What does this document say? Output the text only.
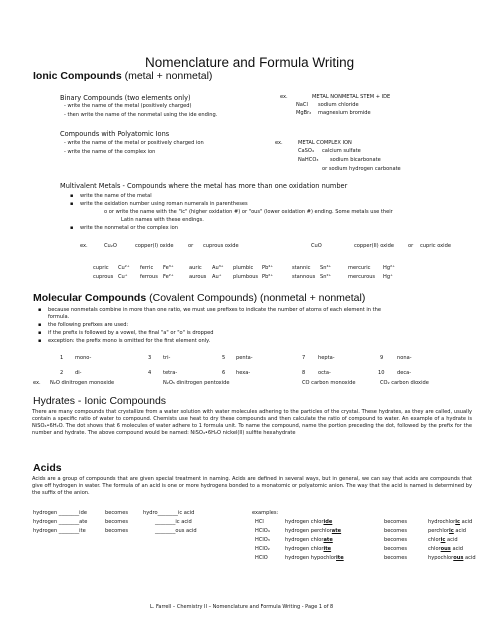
Nomenclature and Formula Writing
Ionic Compounds (metal + nonmetal)
Binary Compounds (two elements only)
- write the name of the metal (positively charged)
- then write the name of the nonmetal using the ide ending.
ex.	METAL NONMETAL STEM + IDE
NaCl sodium chloride
MgBr₂ magnesium bromide
Compounds with Polyatomic Ions
- write the name of the metal or positively charged ion
- write the name of the complex ion
ex.	METAL COMPLEX ION
CaSO₄ calcium sulfate
NaHCO₃ sodium bicarbonate
or sodium hydrogen carbonate
Multivalent Metals - Compounds where the metal has more than one oxidation number
▪ write the name of the metal
▪ write the oxidation number using roman numerals in parentheses
o or write the name with the "ic" (higher oxidation #) or "ous" (lower oxidation #) ending. Some metals use their
Latin names with these endings.
▪ write the nonmetal or the complex ion
ex.	Cu₂O	copper(I) oxide	or cuprous oxide	CuO	copper(II) oxide	or cupric oxide
cupric Cu²⁺ ferric Fe³⁺	auric Au³⁺ plumbic Pb⁴⁺	stannic Sn⁴⁺	mercuric Hg²⁺
cuprous Cu⁺ ferrous Fe²⁺	aurous Au⁺ plumbous Pb²⁺	stannous Sn²⁺	mercurous Hg⁺
Molecular Compounds (Covalent Compounds) (nonmetal + nonmetal)
▪ because nonmetals combine in more than one ratio, we must use prefixes to indicate the number of atoms of each element in the
formula.
▪ the following prefixes are used:
▪ if the prefix is followed by a vowel, the final "a" or "o" is dropped
▪ exception: the prefix mono is omitted for the first element only.
1 mono-	3 tri-	5 penta-	7	hepta-	9	nona-
2 di-	4 tetra-	6 hexa-	8	octa-	10 deca-
ex. N₂O dinitrogen monoxide	N₂O₅ dinitrogen pentoxide	CO carbon monoxide	CO₂ carbon dioxide
Hydrates - Ionic Compounds
There are many compounds that crystallize from a water solution with water molecules adhering to the particles of the crystal. These hydrates, as they are called, usually contain a specific ratio of water to compound. Chemists use heat to dry these compounds and then calculate the ratio of compound to water. An example of a hydrate is NiSO₄•6H₂O. The dot shows that 6 molecules of water adhere to 1 formula unit. To name the compound, name the portion preceding the dot, followed by the prefix for the number and hydrate. The above compound would be named: NiSO₄•6H₂O nickel(II) sulfite hexahydrate
Acids
Acids are a group of compounds that are given special treatment in naming. Acids are defined in several ways, but in general, we can say that acids are compounds that give off hydrogen in water. The formula of an acid is one or more hydrogens bonded to a monatomic or polyatomic anion. The way that the acid is named is determined by the suffix of the anion.
hydrogen ________ide	becomes	hydro________ic acid
hydrogen ________ate	becomes	________ic acid
hydrogen ________ite	becomes	________ous acid
examples:
HCl	hydrogen chloride	becomes	hydrochloric acid
HClO₄	hydrogen perchlorate	becomes	perchloric acid
HClO₃	hydrogen chlorate	becomes	chloric acid
HClO₂	hydrogen chlorite	becomes	chlorous acid
HClO	hydrogen hypochlorite	becomes	hypochlorous acid
L. Farrell – Chemistry II – Nomenclature and Formula Writing - Page 1 of 8
